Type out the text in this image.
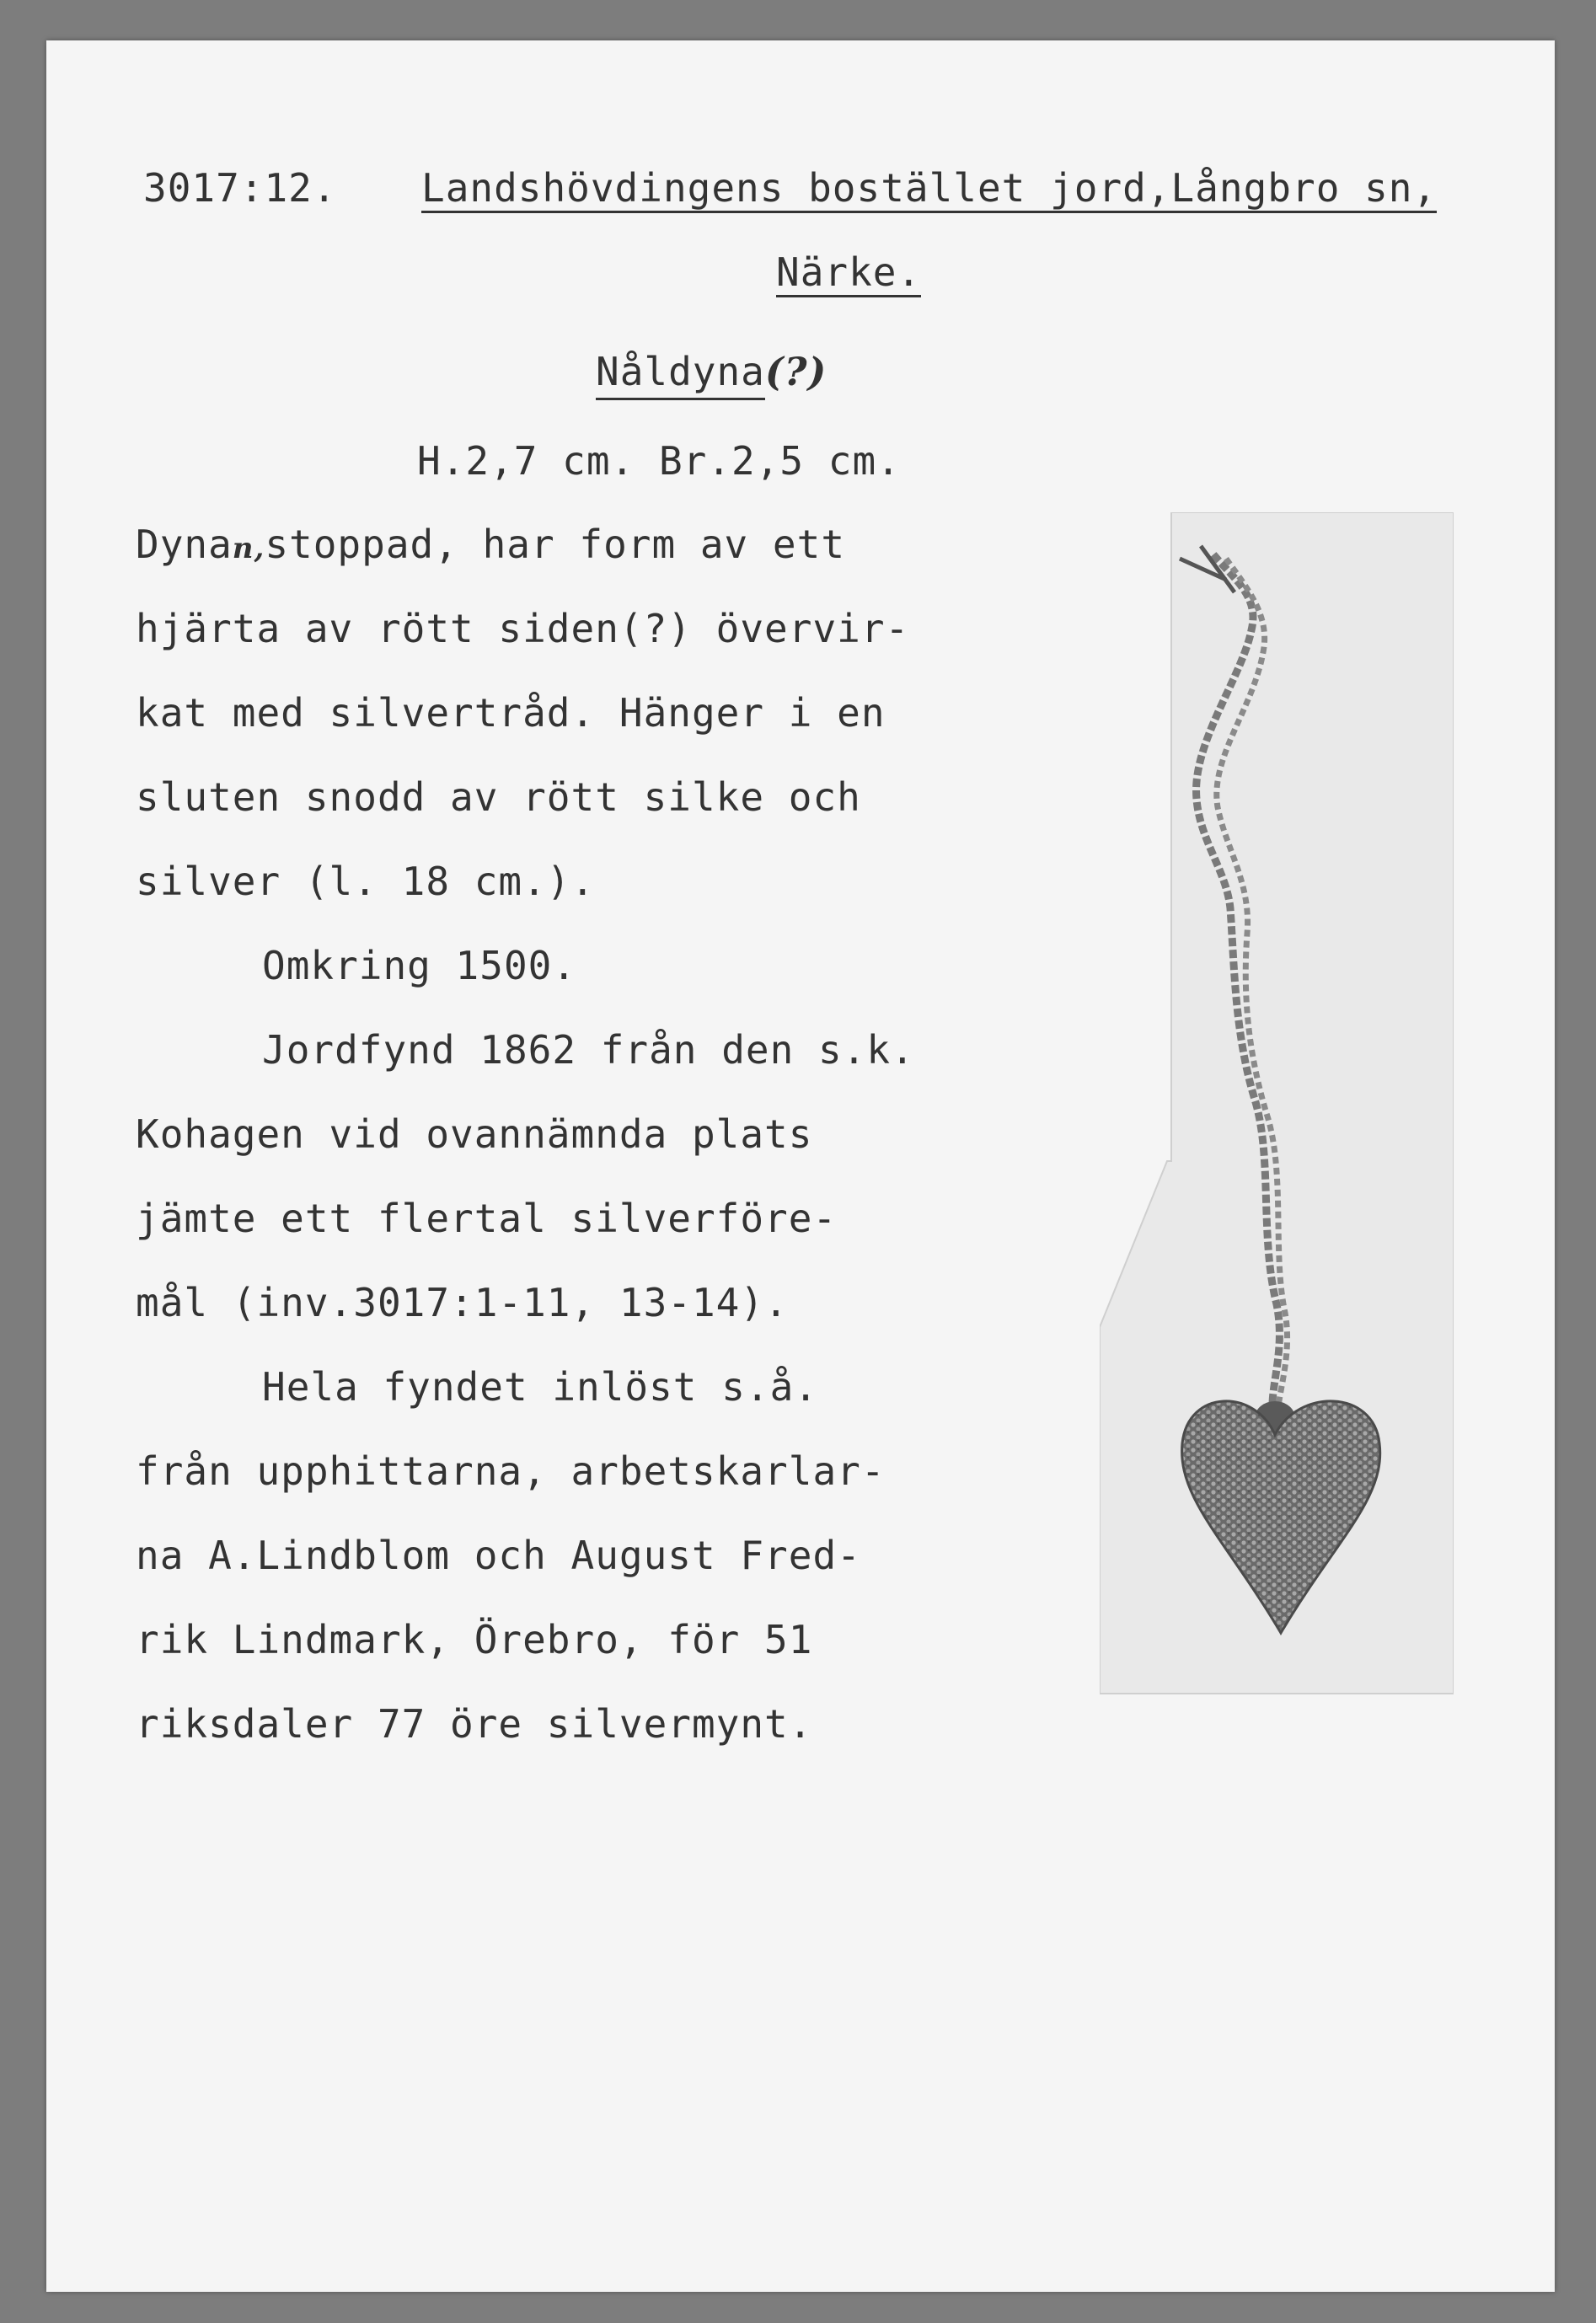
3017:12. Landshövdingens bostället jord,Långbro sn,
Närke.
Nåldyna(?)
H.2,7 cm. Br.2,5 cm.
Dynan,stoppad, har form av ett
hjärta av rött siden(?) övervir-
kat med silvertråd. Hänger i en
sluten snodd av rött silke och
silver (l. 18 cm.).
Omkring 1500.
Jordfynd 1862 från den s.k.
Kohagen vid ovannämnda plats
jämte ett flertal silverföre-
mål (inv.3017:1-11, 13-14).
Hela fyndet inlöst s.å.
från upphittarna, arbetskarlar-
na A.Lindblom och August Fred-
rik Lindmark, Örebro, för 51
riksdaler 77 öre silvermynt.
